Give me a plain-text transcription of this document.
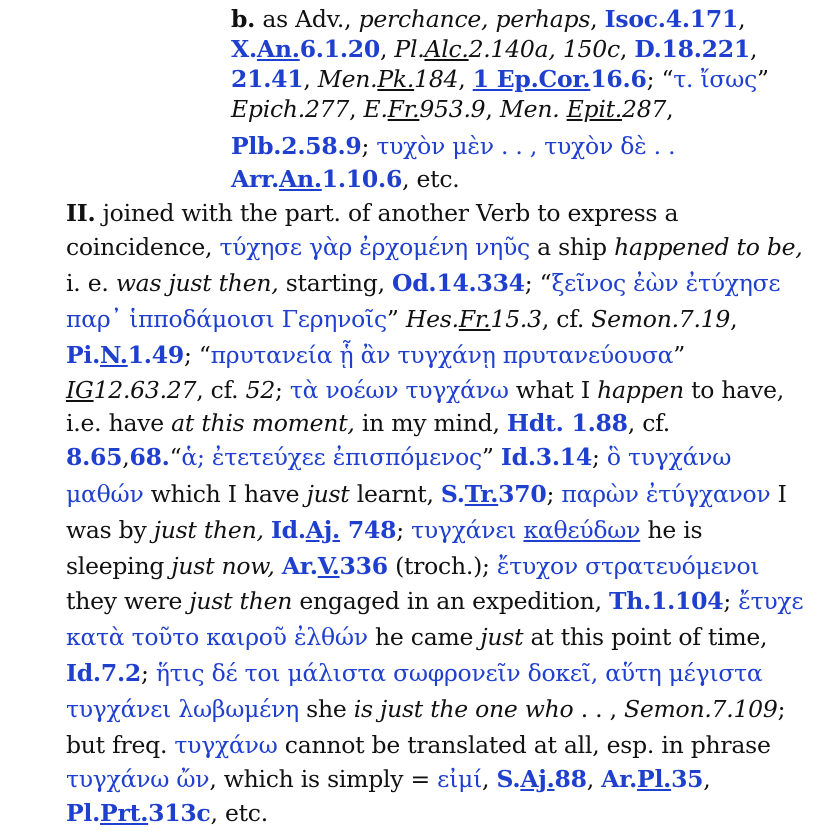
b. as Adv., perchance, perhaps, Isoc.4.171,
X.An.6.1.20, Pl.Alc.2.140a, 150c, D.18.221,
21.41, Men.Pk.184, 1 Ep.Cor.16.6; “τ. ἴσως”
Epich.277, E.Fr.953.9, Men. Epit.287,
Plb.2.58.9; τυχὸν μὲν . . , τυχὸν δὲ . .
Arr.An.1.10.6, etc.
II. joined with the part. of another Verb to express a
coincidence, τύχησε γὰρ ἐρχομένη νηῦς a ship happened to be,
i. e. was just then, starting, Od.14.334; “ξεῖνος ἐὼν ἐτύχησε
παρ᾽ ἱπποδάμοισι Γερηνοῖς” Hes.Fr.15.3, cf. Semon.7.19,
Pi.N.1.49; “πρυτανεία ᾗ ἂν τυγχάνῃ πρυτανεύουσα”
IG12.63.27, cf. 52; τὰ νοέων τυγχάνω what I happen to have,
i.e. have at this moment, in my mind, Hdt. 1.88, cf.
8.65,68.“ἁ; ἐτετεύχεε ἐπισπόμενος” Id.3.14; ὃ τυγχάνω
μαθών which I have just learnt, S.Tr.370; παρὼν ἐτύγχανον I
was by just then, Id.Aj. 748; τυγχάνει καθεύδων he is
sleeping just now, Ar.V.336 (troch.); ἔτυχον στρατευόμενοι
they were just then engaged in an expedition, Th.1.104; ἔτυχε
κατὰ τοῦτο καιροῦ ἐλθών he came just at this point of time,
Id.7.2; ἥτις δέ τοι μάλιστα σωφρονεῖν δοκεῖ, αὕτη μέγιστα
τυγχάνει λωβωμένη she is just the one who . . , Semon.7.109;
but freq. τυγχάνω cannot be translated at all, esp. in phrase
τυγχάνω ὤν, which is simply = εἰμί, S.Aj.88, Ar.Pl.35,
Pl.Prt.313c, etc.
